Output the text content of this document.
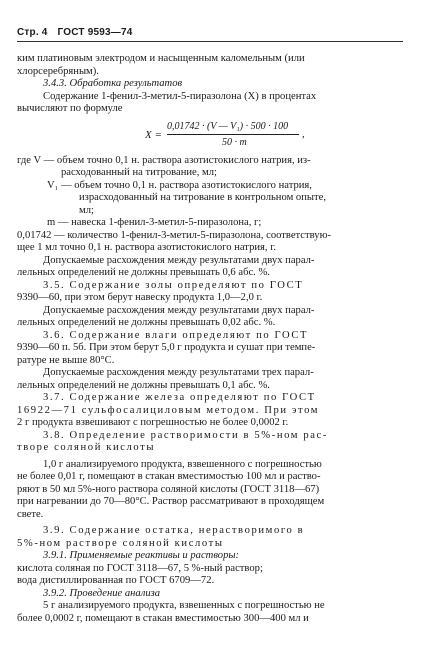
Стр. 4 ГОСТ 9593—74

ким платиновым электродом и насыщенным каломельным (или

хлорсеребряным).

3.4.3. Обработка результатов

Содержание 1-фенил-3-метил-5-пиразолона (X) в процентах

вычисляют по формуле

X =
0,01742 · (V — V₁) · 500 · 100
50 · m
,

где V — объем точно 0,1 н. раствора азотистокислого натрия, из-

расходованный на титрование, мл;

V₁ — объем точно 0,1 н. раствора азотистокислого натрия,

израсходованный на титрование в контрольном опыте,

мл;

m — навеска 1-фенил-3-метил-5-пиразолона, г;

0,01742 — количество 1-фенил-3-метил-5-пиразолона, соответствую-

щее 1 мл точно 0,1 н. раствора азотистокислого натрия, г.

Допускаемые расхождения между результатами двух парал-

лельных определений не должны превышать 0,6 абс. %.

3.5. Содержание золы определяют по ГОСТ

9390—60, при этом берут навеску продукта 1,0—2,0 г.

Допускаемые расхождения между результатами двух парал-

лельных определений не должны превышать 0,02 абс. %.

3.6. Содержание влаги определяют по ГОСТ

9390—60 п. 5б. При этом берут 5,0 г продукта и сушат при темпе-

ратуре не выше 80°С.

Допускаемые расхождения между результатами трех парал-

лельных определений не должны превышать 0,1 абс. %.

3.7. Содержание железа определяют по ГОСТ

16922—71 сульфосалициловым методом. При этом

2 г продукта взвешивают с погрешностью не более 0,0002 г.

3.8. Определение растворимости в 5%-ном рас-

творе соляной кислоты

1,0 г анализируемого продукта, взвешенного с погрешностью

не более 0,01 г, помещают в стакан вместимостью 100 мл и раство-

ряют в 50 мл 5%-ного раствора соляной кислоты (ГОСТ 3118—67)

при нагревании до 70—80°С. Раствор рассматривают в проходящем

свете.

3.9. Содержание остатка, нерастворимого в

5%-ном растворе соляной кислоты

3.9.1. Применяемые реактивы и растворы:

кислота соляная по ГОСТ 3118—67, 5 %-ный раствор;

вода дистиллированная по ГОСТ 6709—72.

3.9.2. Проведение анализа

5 г анализируемого продукта, взвешенных с погрешностью не

более 0,0002 г, помещают в стакан вместимостью 300—400 мл и
